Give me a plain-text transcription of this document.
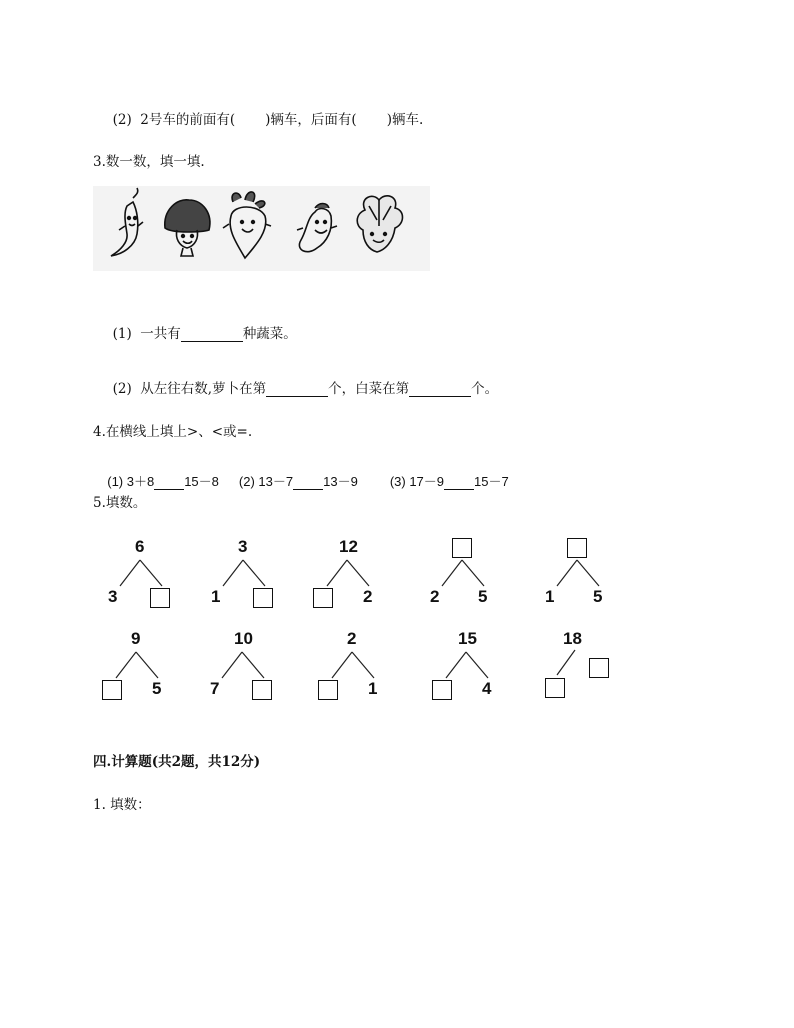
(2)  2号车的前面有( )辆车，后面有( )辆车.

3.数一数，填一填.

(1)  一共有	种蔬菜。

(2)  从左往右数,萝卜在第	个，白菜在第	个。

4.在横线上填上>、<或=.

(1) 3＋8 15－8 (2) 13－7 13－9 (3) 17－9 15－7

5.填数。
6
3
3
1
12
2	2 5	1 5
9
5
10
7
2
1
15
4
18
四.计算题(共2题，共12分)
1. 填数：
